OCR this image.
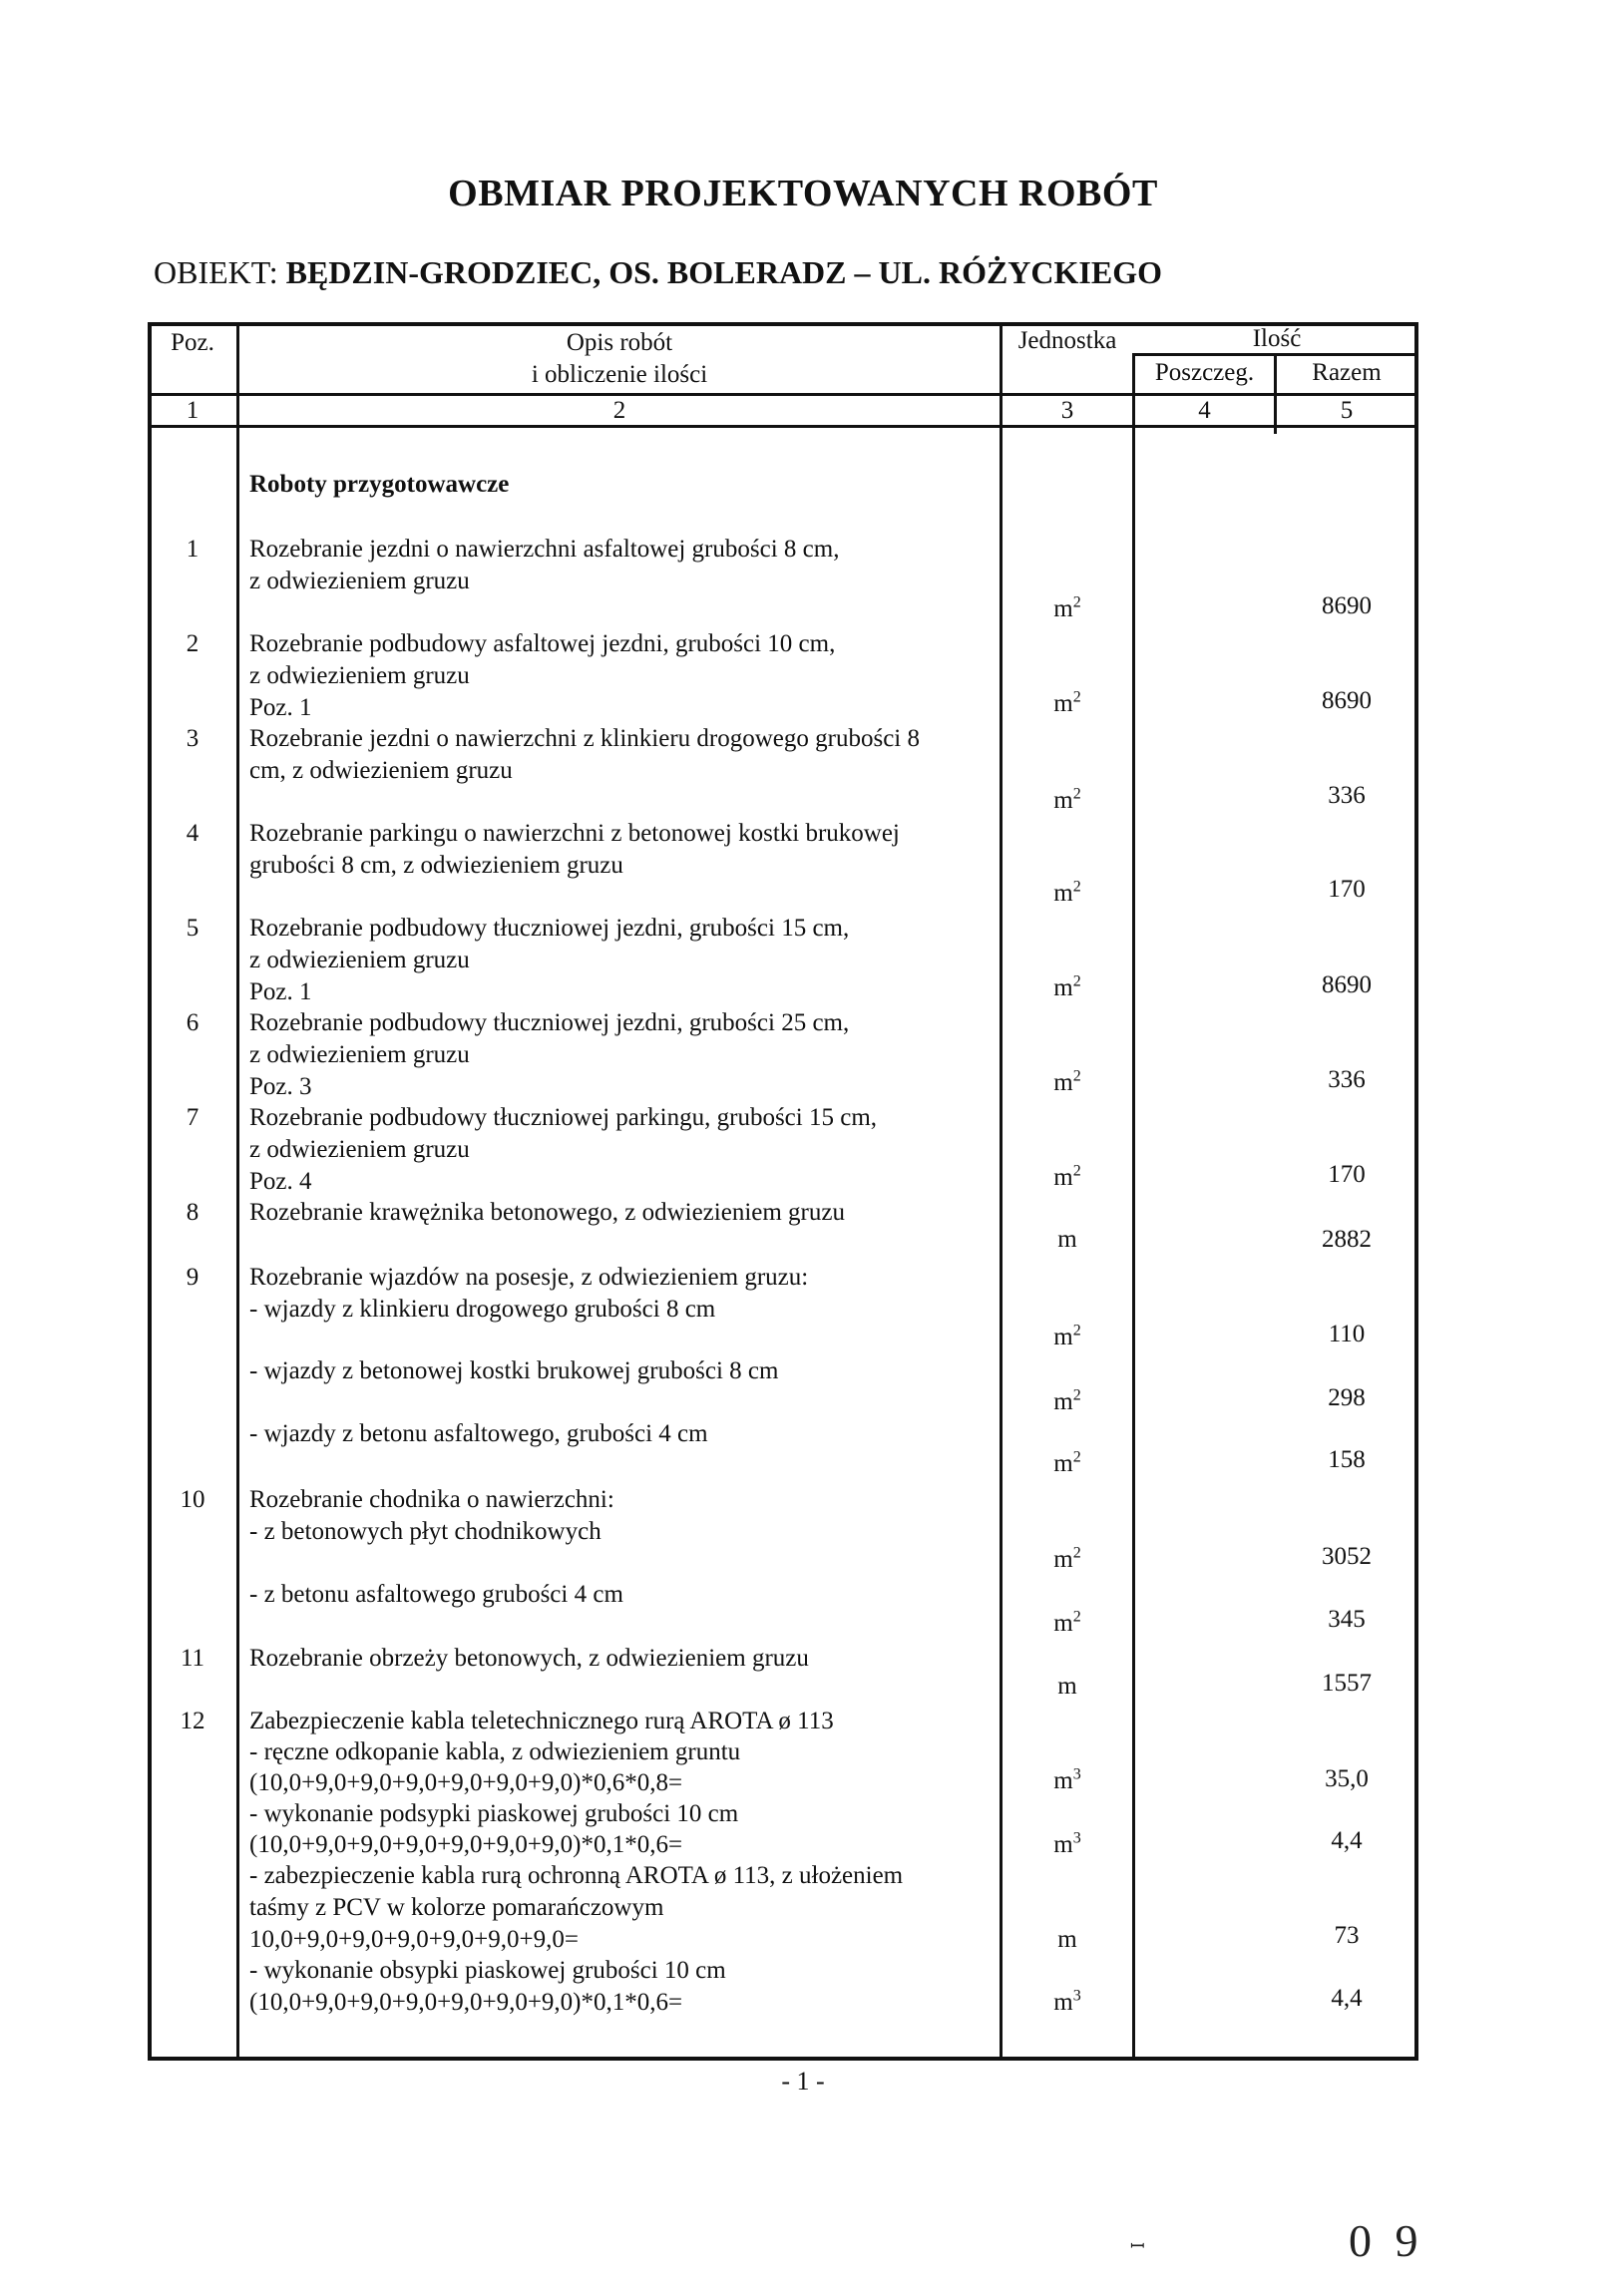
OBMIAR PROJEKTOWANYCH ROBÓT
OBIEKT: BĘDZIN-GRODZIEC, OS. BOLERADZ – UL. RÓŻYCKIEGO
Poz.	Opis robót
i obliczenie ilości
Jednostka	Ilość
Poszczeg.	Razem
1	2	3	4	5
Roboty przygotowawcze
1	Rozebranie jezdni o nawierzchni asfaltowej grubości 8 cm,
z odwiezieniem gruzu
$m^2$	8690
2	Rozebranie podbudowy asfaltowej jezdni, grubości 10 cm,
z odwiezieniem gruzu
Poz. 1	$m^2$	8690
3	Rozebranie jezdni o nawierzchni z klinkieru drogowego grubości 8
cm, z odwiezieniem gruzu
$m^2$	336
4	Rozebranie parkingu o nawierzchni z betonowej kostki brukowej
grubości 8 cm, z odwiezieniem gruzu
$m^2$	170
5	Rozebranie podbudowy tłuczniowej jezdni, grubości 15 cm,
z odwiezieniem gruzu
Poz. 1	$m^2$	8690
6	Rozebranie podbudowy tłuczniowej jezdni, grubości 25 cm,
z odwiezieniem gruzu
Poz. 3	$m^2$	336
7	Rozebranie podbudowy tłuczniowej parkingu, grubości 15 cm,
z odwiezieniem gruzu
Poz. 4	$m^2$	170
8	Rozebranie krawężnika betonowego, z odwiezieniem gruzu
m	2882
9	Rozebranie wjazdów na posesje, z odwiezieniem gruzu:
- wjazdy z klinkieru drogowego grubości 8 cm
$m^2$	110
- wjazdy z betonowej kostki brukowej grubości 8 cm
$m^2$	298
- wjazdy z betonu asfaltowego, grubości 4 cm
$m^2$	158
10	Rozebranie chodnika o nawierzchni:
- z betonowych płyt chodnikowych
$m^2$	3052
- z betonu asfaltowego grubości 4 cm
$m^2$	345
11	Rozebranie obrzeży betonowych, z odwiezieniem gruzu
m	1557
12	Zabezpieczenie kabla teletechnicznego rurą AROTA ø 113
- ręczne odkopanie kabla, z odwiezieniem gruntu
(10,0+9,0+9,0+9,0+9,0+9,0+9,0)*0,6*0,8=	$m^3$	35,0
- wykonanie podsypki piaskowej grubości 10 cm
(10,0+9,0+9,0+9,0+9,0+9,0+9,0)*0,1*0,6=	$m^3$	4,4
- zabezpieczenie kabla rurą ochronną AROTA ø 113, z ułożeniem
taśmy z PCV w kolorze pomarańczowym
10,0+9,0+9,0+9,0+9,0+9,0+9,0=	m	73
- wykonanie obsypki piaskowej grubości 10 cm
(10,0+9,0+9,0+9,0+9,0+9,0+9,0)*0,1*0,6=	$m^3$	4,4
- 1 -
ꟷ	0 9
